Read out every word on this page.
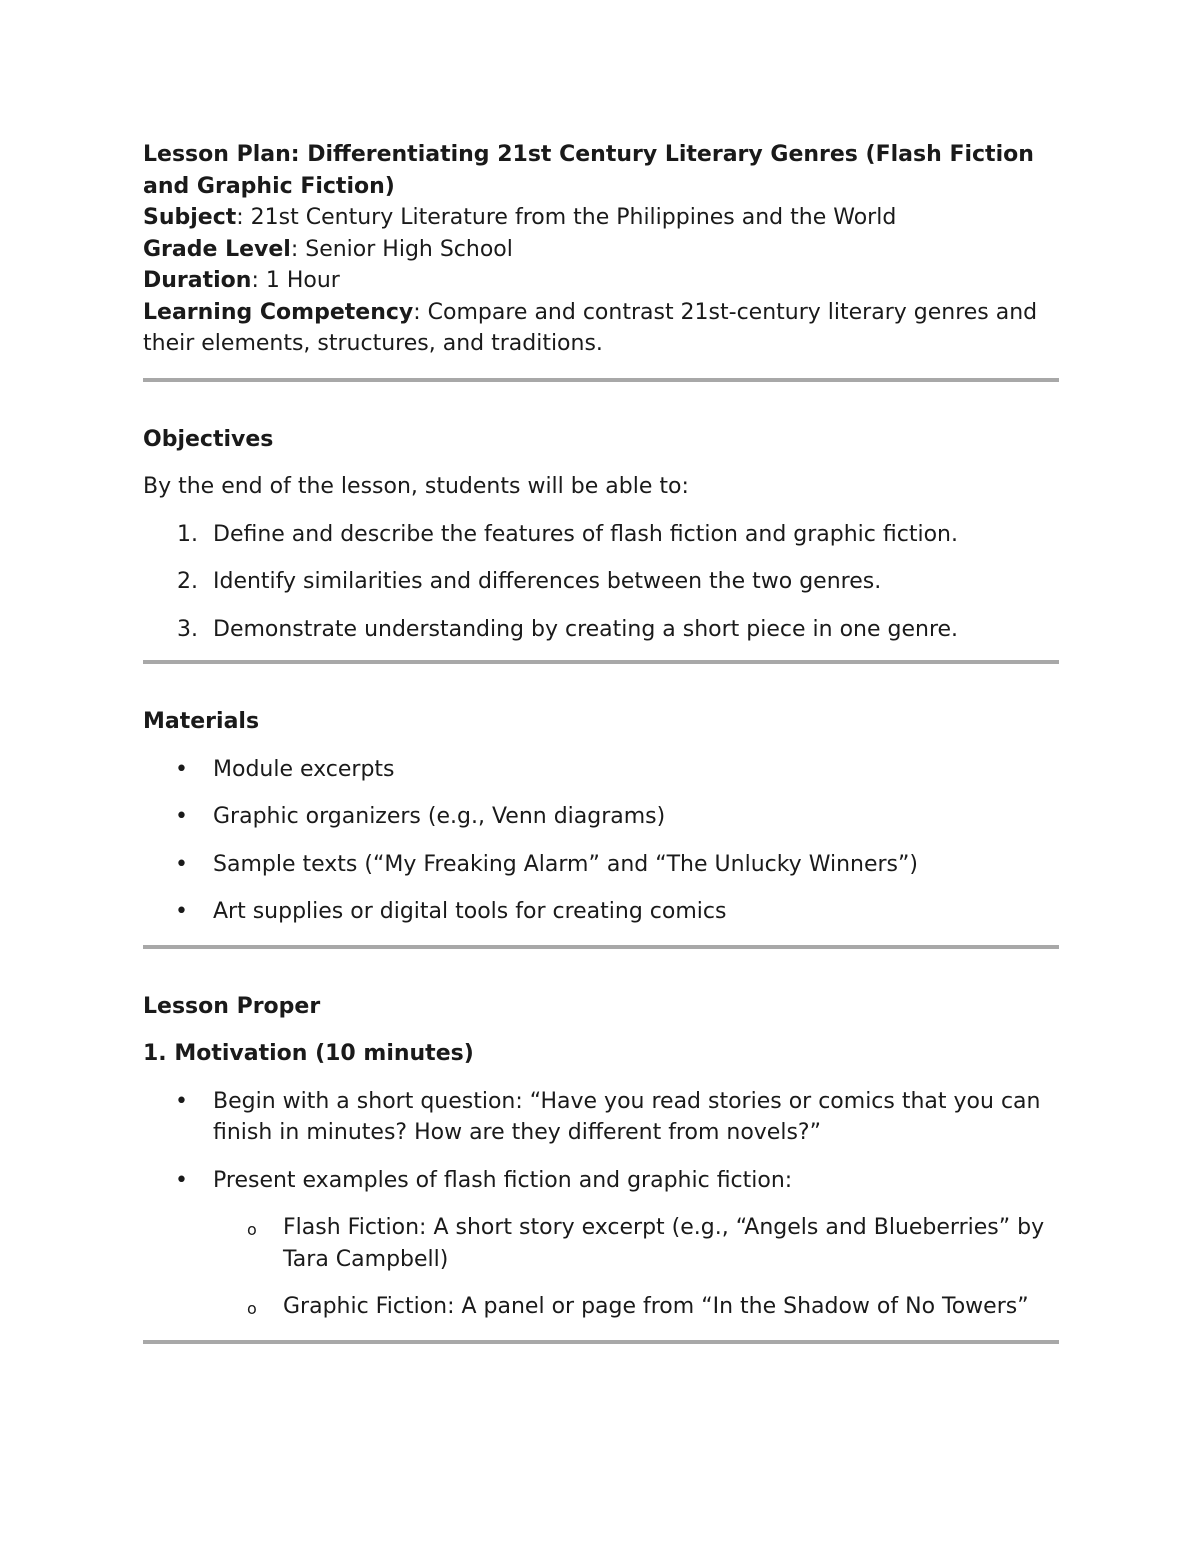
Lesson Plan: Differentiating 21st Century Literary Genres (Flash Fiction and Graphic Fiction)

Subject: 21st Century Literature from the Philippines and the World

Grade Level: Senior High School

Duration: 1 Hour

Learning Competency: Compare and contrast 21st-century literary genres and their elements, structures, and traditions.

Objectives

By the end of the lesson, students will be able to:

1. Define and describe the features of flash fiction and graphic fiction.
2. Identify similarities and differences between the two genres.
3. Demonstrate understanding by creating a short piece in one genre.

Materials

•	Module excerpts
•	Graphic organizers (e.g., Venn diagrams)
•	Sample texts (“My Freaking Alarm” and “The Unlucky Winners”)
•	Art supplies or digital tools for creating comics

Lesson Proper

1. Motivation (10 minutes)

•	Begin with a short question: “Have you read stories or comics that you can finish in minutes? How are they different from novels?”
•	Present examples of flash fiction and graphic fiction:
o Flash Fiction: A short story excerpt (e.g., “Angels and Blueberries” by Tara Campbell)
o Graphic Fiction: A panel or page from “In the Shadow of No Towers”
